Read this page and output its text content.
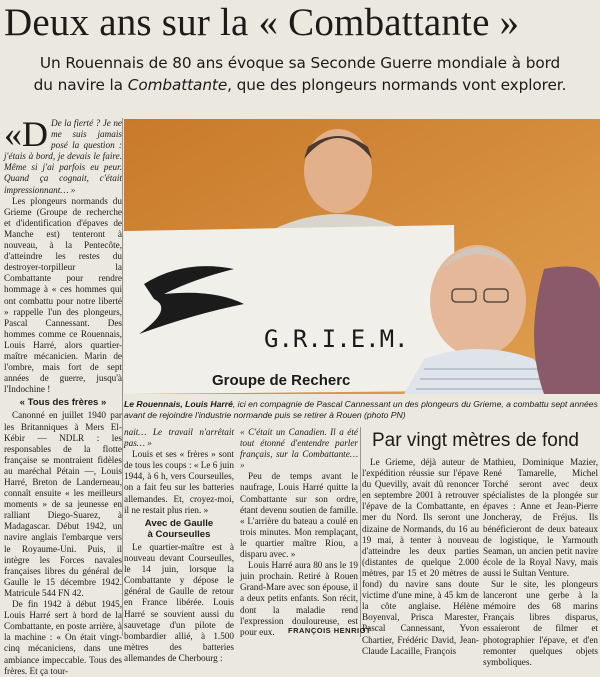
Deux ans sur la « Combattante »
Un Rouennais de 80 ans évoque sa Seconde Guerre mondiale à bord
du navire la Combattante, que des plongeurs normands vont explorer.

«D De la fierté ? Je ne me suis jamais posé la question : j'étais à bord, je devais le faire. Même si j'ai parfois eu peur. Quand ça cognait, c'était impressionnant… »

Les plongeurs normands du Grieme (Groupe de recherche et d'identification d'épaves de Manche est) tenteront à nouveau, à la Pentecôte, d'atteindre les restes du destroyer-torpilleur la Combattante pour rendre hommage à « ces hommes qui ont combattu pour notre liberté » rappelle l'un des plongeurs, Pascal Cannessant. Des hommes comme ce Rouennais, Louis Harré, alors quartier-maître mécanicien. Marin de l'ombre, mais fort de sept années de guerre, jusqu'à l'Indochine !

« Tous des frères »

Canonné en juillet 1940 par les Britanniques à Mers El-Kébir — NDLR : les responsables de la flotte française se montraient fidèles au maréchal Pétain —, Louis Harré, Breton de Landerneau, connaît ensuite « les meilleurs moments » de sa jeunesse en ralliant Diego-Suarez, à Madagascar. Début 1942, un navire anglais l'embarque vers le Royaume-Uni. Puis, il intègre les Forces navales françaises libres du général de Gaulle le 15 décembre 1942. Matricule 544 FN 42.

De fin 1942 à début 1945, Louis Harré sert à bord de la Combattante, en poste arrière, à la machine : « On était vingt-cinq mécaniciens, dans une ambiance impeccable. Tous des frères. Et ça tour-

G.R.I.E.M.
Groupe de Recherc
Le Rouennais, Louis Harré, ici en compagnie de Pascal Cannessant un des plongeurs du Grieme, a combattu sept années avant de rejoindre l'industrie normande puis se retirer à Rouen (photo PN)

nait… Le travail n'arrêtait pas… »

Louis et ses « frères » sont de tous les coups : « Le 6 juin 1944, à 6 h, vers Courseulles, on a fait feu sur les batteries allemandes. Et, croyez-moi, il ne restait plus rien. »

Avec de Gaulle
à Courseulles

Le quartier-maître est à nouveau devant Courseulles, le 14 juin, lorsque la Combattante y dépose le général de Gaulle de retour en France libérée. Louis Harré se souvient aussi du sauvetage d'un pilote de bombardier allié, à 1.500 mètres des batteries allemandes de Cherbourg :

« C'était un Canadien. Il a été tout étonné d'entendre parler français, sur la Combattante… »

Peu de temps avant le naufrage, Louis Harré quitte la Combattante sur son ordre, étant devenu soutien de famille. « L'arrière du bateau a coulé en trois minutes. Mon remplaçant, le quartier maître Riou, a disparu avec. »

Louis Harré aura 80 ans le 19 juin prochain. Retiré à Rouen Grand-Mare avec son épouse, il a deux petits enfants. Son récit, dont la maladie rend l'expression douloureuse, est pour eux.	FRANÇOIS HENRIOT
Par vingt mètres de fond

Le Grieme, déjà auteur de l'expédition réussie sur l'épave du Quevilly, avait dû renoncer en septembre 2001 à retrouver l'épave de la Combattante, en mer du Nord. Ils seront une dizaine de Normands, du 16 au 19 mai, à tenter à nouveau d'atteindre les deux parties (distantes de quelque 2.000 mètres, par 15 et 20 mètres de fond) du navire sans doute victime d'une mine, à 45 km de la côte anglaise. Hélène Boyenval, Prisca Marester, Pascal Cannessant, Yvon Chartier, Frédéric David, Jean-Claude Lacaille, François

Mathieu, Dominique Mazier, René Tamarelle, Michel Torché seront avec deux spécialistes de la plongée sur épaves : Anne et Jean-Pierre Joncheray, de Fréjus. Ils bénéficieront de deux bateaux de logistique, le Yarmouth Seaman, un ancien petit navire école de la Royal Navy, mais aussi le Sultan Venture.

Sur le site, les plongeurs lanceront une gerbe à la mémoire des 68 marins Français libres disparus, essaieront de filmer et photographier l'épave, et d'en remonter quelques objets symboliques.
